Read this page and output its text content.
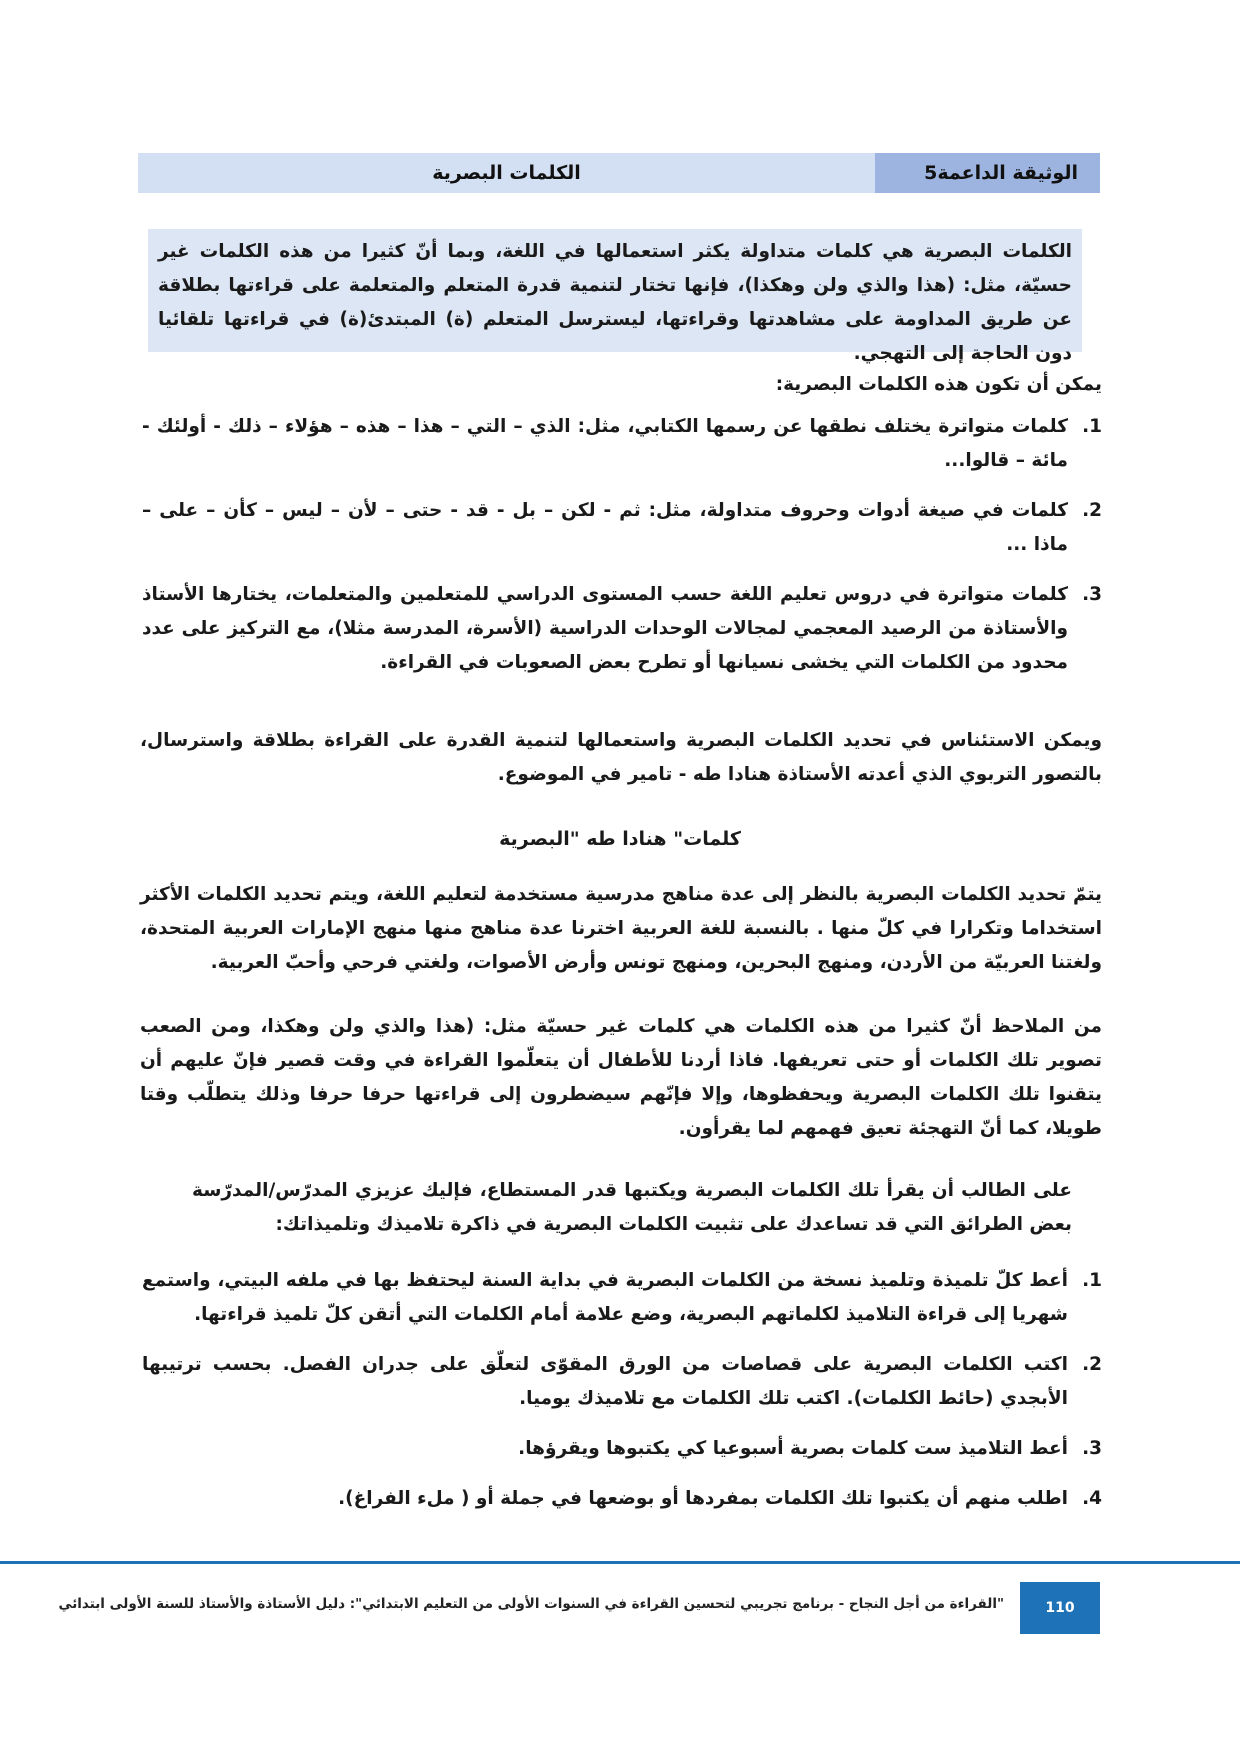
الكلمات البصرية	الوثيقة الداعمة5
الكلمات البصرية هي كلمات متداولة يكثر استعمالها في اللغة، وبما أنّ كثيرا من هذه الكلمات غير حسيّة، مثل: (هذا والذي ولن وهكذا)، فإنها تختار لتنمية قدرة المتعلم والمتعلمة على قراءتها بطلاقة عن طريق المداومة على مشاهدتها وقراءتها، ليسترسل المتعلم (ة) المبتدئ(ة) في قراءتها تلقائيا دون الحاجة إلى التهجي.
يمكن أن تكون هذه الكلمات البصرية:
1.
كلمات متواترة يختلف نطقها عن رسمها الكتابي، مثل: الذي – التي – هذا – هذه – هؤلاء – ذلك - أولئك - مائة – قالوا...
2.
كلمات في صيغة أدوات وحروف متداولة، مثل: ثم - لكن – بل - قد - حتى – لأن – ليس – كأن – على – ماذا ...
3.
كلمات متواترة في دروس تعليم اللغة حسب المستوى الدراسي للمتعلمين والمتعلمات، يختارها الأستاذ والأستاذة من الرصيد المعجمي لمجالات الوحدات الدراسية (الأسرة، المدرسة مثلا)، مع التركيز على عدد محدود من الكلمات التي يخشى نسيانها أو تطرح بعض الصعوبات في القراءة.
ويمكن الاستئناس في تحديد الكلمات البصرية واستعمالها لتنمية القدرة على القراءة بطلاقة واسترسال، بالتصور التربوي الذي أعدته الأستاذة هنادا طه - تامير في الموضوع.
كلمات" هنادا طه "البصرية
يتمّ تحديد الكلمات البصرية بالنظر إلى عدة مناهج مدرسية مستخدمة لتعليم اللغة، ويتم تحديد الكلمات الأكثر استخداما وتكرارا في كلّ منها . بالنسبة للغة العربية اخترنا عدة مناهج منها منهج الإمارات العربية المتحدة، ولغتنا العربيّة من الأردن، ومنهج البحرين، ومنهج تونس وأرض الأصوات، ولغتي فرحي وأحبّ العربية.
من الملاحظ أنّ كثيرا من هذه الكلمات هي كلمات غير حسيّة مثل: (هذا والذي ولن وهكذا، ومن الصعب تصوير تلك الكلمات أو حتى تعريفها. فاذا أردنا للأطفال أن يتعلّموا القراءة في وقت قصير فإنّ عليهم أن يتقنوا تلك الكلمات البصرية ويحفظوها، وإلا فإنّهم سيضطرون إلى قراءتها حرفا حرفا وذلك يتطلّب وقتا طويلا، كما أنّ التهجئة تعيق فهمهم لما يقرأون.
على الطالب أن يقرأ تلك الكلمات البصرية ويكتبها قدر المستطاع، فإليك عزيزي المدرّس/المدرّسة بعض الطرائق التي قد تساعدك على تثبيت الكلمات البصرية في ذاكرة تلاميذك وتلميذاتك:
1.
أعط كلّ تلميذة وتلميذ نسخة من الكلمات البصرية في بداية السنة ليحتفظ بها في ملفه البيتي، واستمع شهريا إلى قراءة التلاميذ لكلماتهم البصرية، وضع علامة أمام الكلمات التي أتقن كلّ تلميذ قراءتها.
2.
اكتب الكلمات البصرية على قصاصات من الورق المقوّى لتعلّق على جدران الفصل. بحسب ترتيبها الأبجدي (حائط الكلمات). اكتب تلك الكلمات مع تلاميذك يوميا.
3.
أعط التلاميذ ست كلمات بصرية أسبوعيا كي يكتبوها ويقرؤها.
4.
اطلب منهم أن يكتبوا تلك الكلمات بمفردها أو بوضعها في جملة أو ( ملء الفراغ).
110
"القراءة من أجل النجاح - برنامج تجريبي لتحسين القراءة في السنوات الأولى من التعليم الابتدائي": دليل الأستاذة والأستاذ للسنة الأولى ابتدائي
